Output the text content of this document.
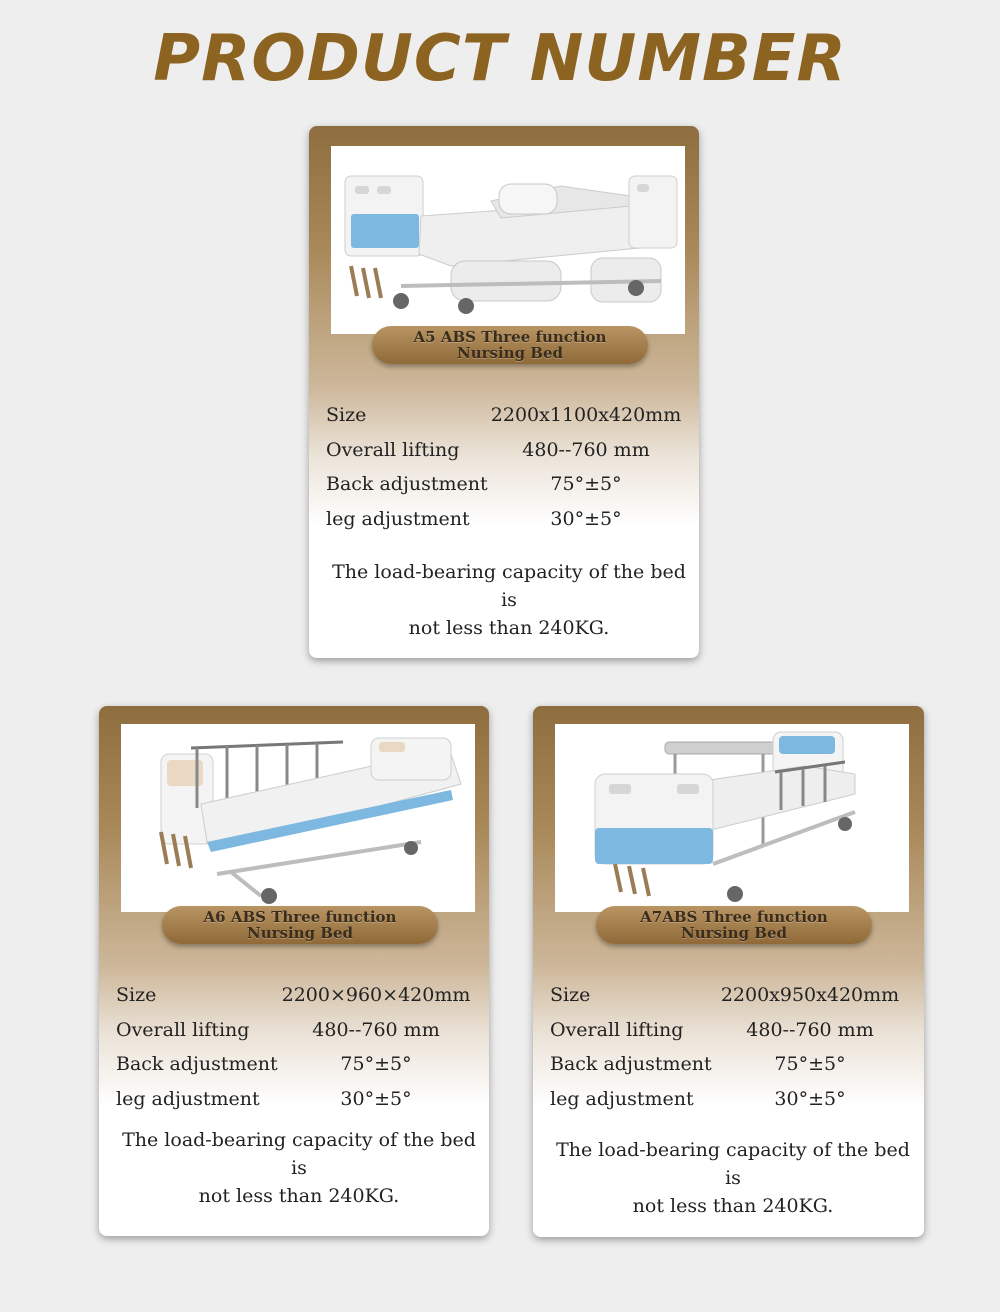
PRODUCT NUMBER
A5 ABS Three function
Nursing Bed
Size	2200x1100x420mm
Overall lifting	480--760 mm
Back adjustment	75°±5°
leg adjustment	30°±5°
The load-bearing capacity of the bed is
not less than 240KG.
A6 ABS Three function
Nursing Bed
Size	2200×960×420mm
Overall lifting	480--760 mm
Back adjustment	75°±5°
leg adjustment	30°±5°
The load-bearing capacity of the bed is
not less than 240KG.
A7ABS Three function
Nursing Bed
Size	2200x950x420mm
Overall lifting	480--760 mm
Back adjustment	75°±5°
leg adjustment	30°±5°
The load-bearing capacity of the bed is
not less than 240KG.
